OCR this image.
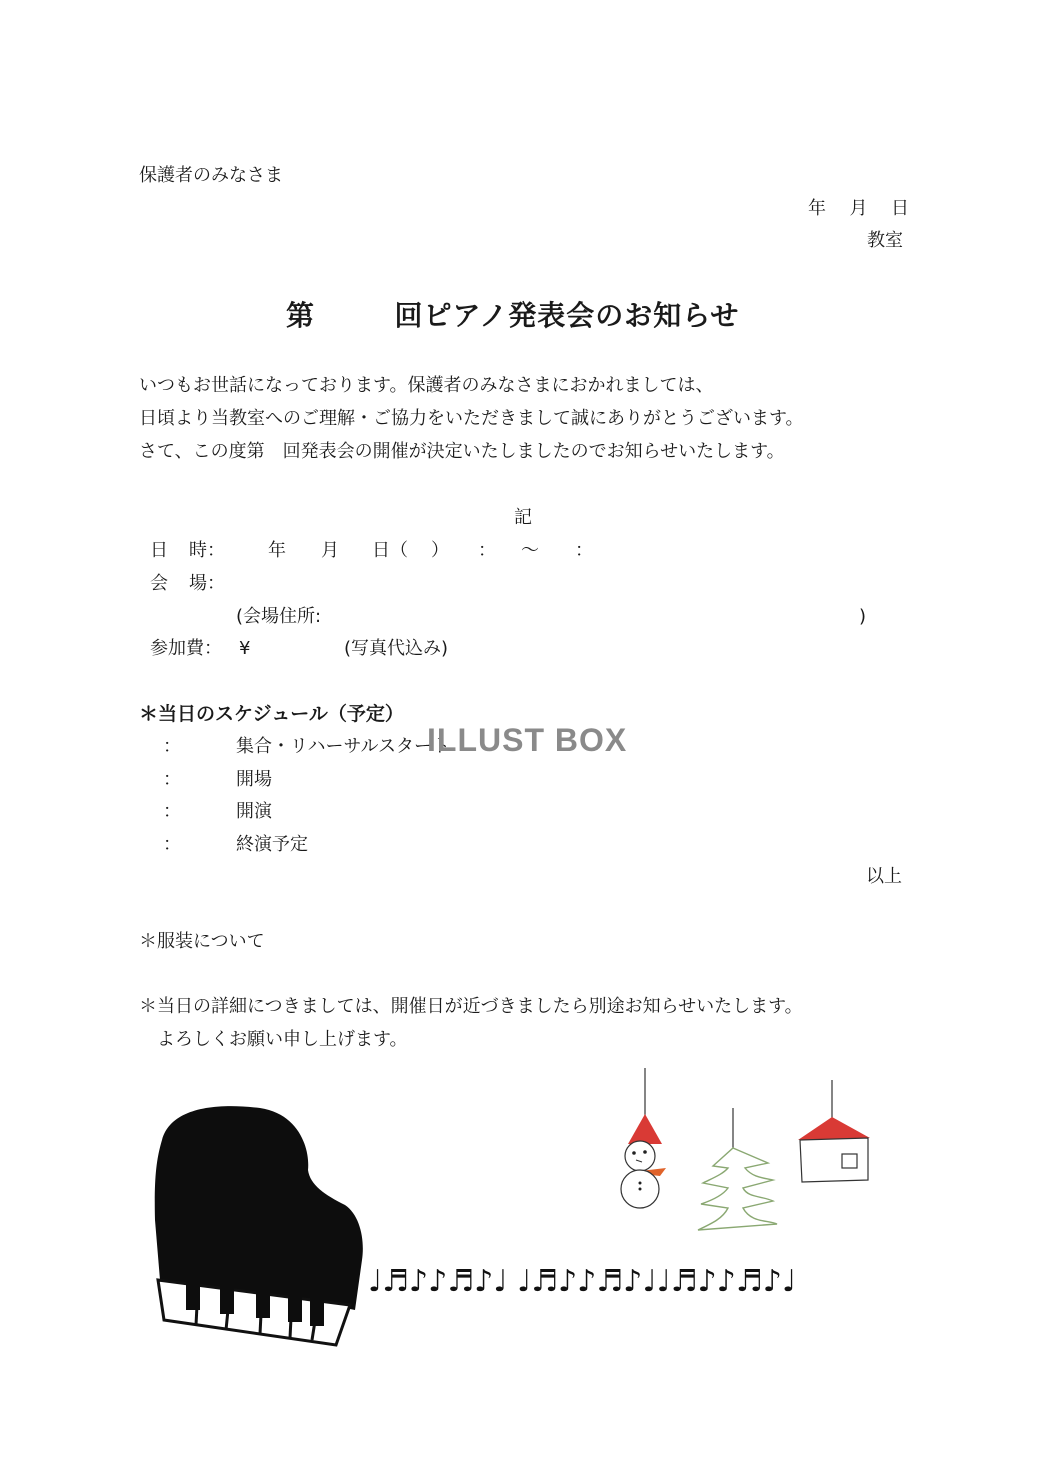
保護者のみなさま
年 月 日
教室
第	回ピアノ発表会のお知らせ
いつもお世話になっております。保護者のみなさまにおかれましては、
日頃より当教室へのご理解・ご協力をいただきまして誠にありがとうございます。
さて、この度第　回発表会の開催が決定いたしましたのでお知らせいたします。
記
日 時： 年 月 日（ ） ： ～ ：
会 場：
(会場住所:	)
参加費： ¥	(写真代込み)
＊当日のスケジュール（予定）
：	集合・リハーサルスタート
：	開場
：	開演
：	終演予定
ILLUST BOX
以上
＊服装について
＊当日の詳細につきましては、開催日が近づきましたら別途お知らせいたします。
よろしくお願い申し上げます。
♩♬♪♪♬♪♩ ♩♬♪♪♬♪♩♩♬♪♪♬♪♩
